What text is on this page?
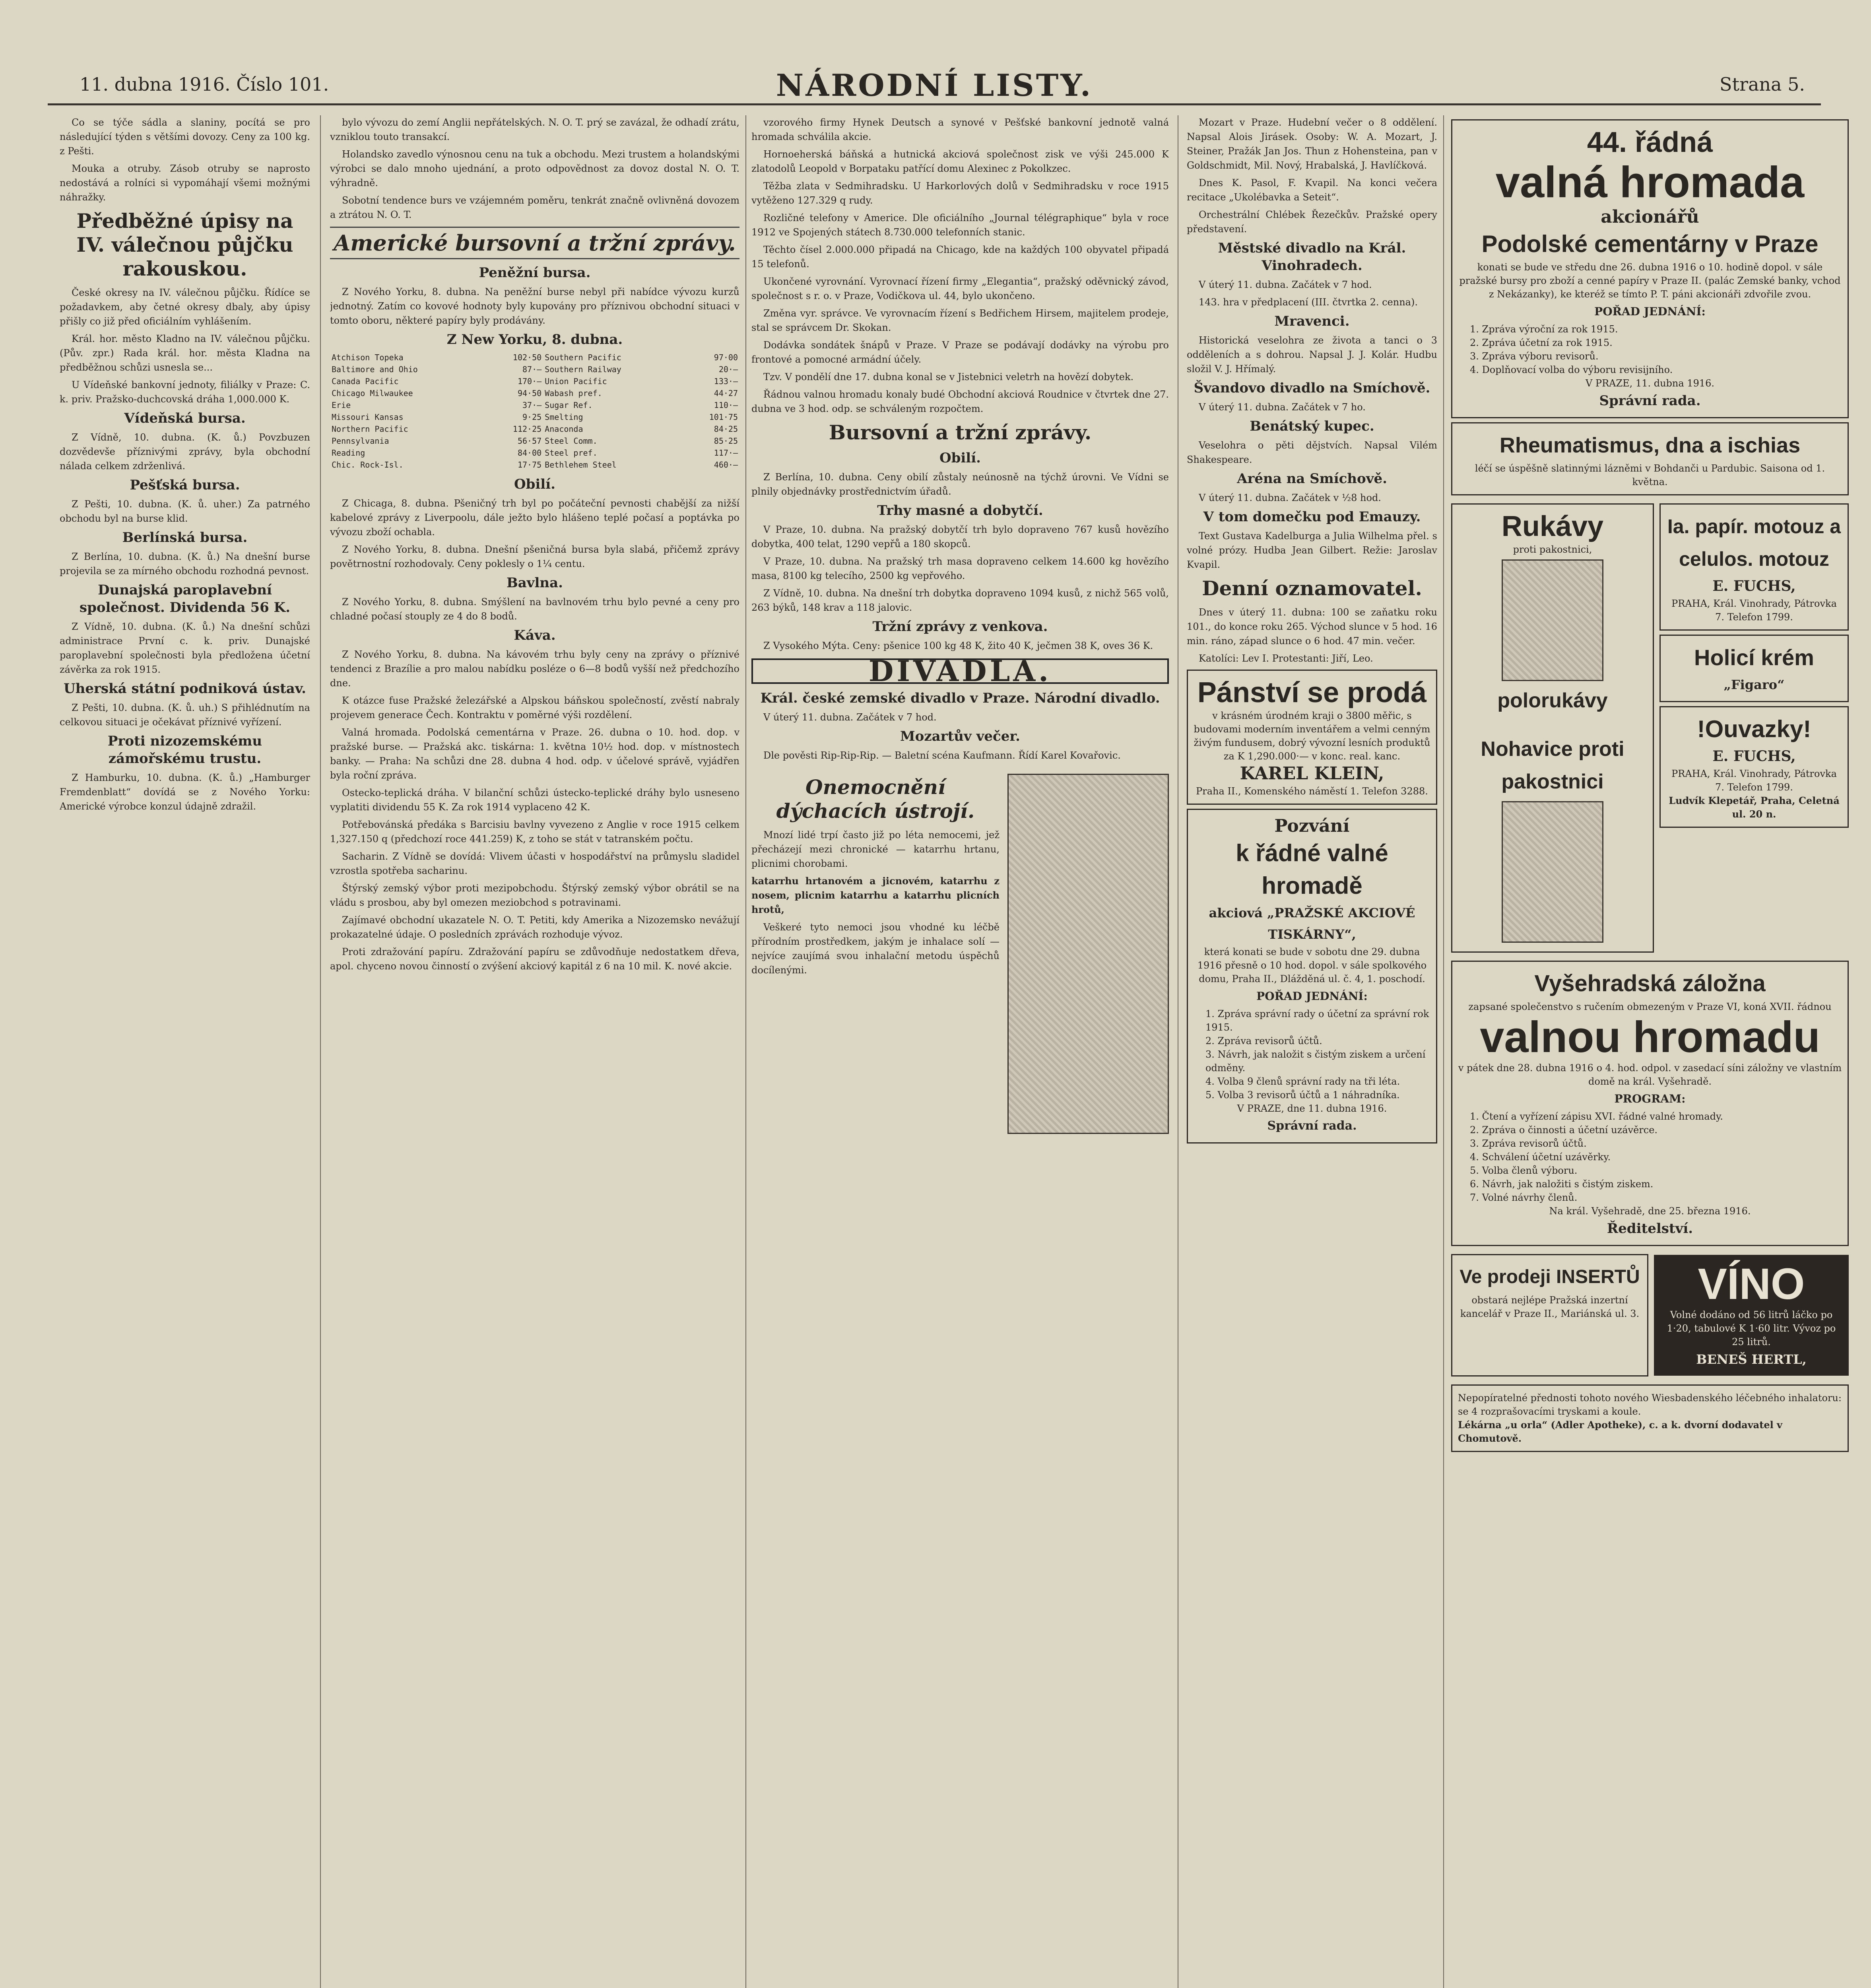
11. dubna 1916. Číslo 101.	NÁRODNÍ LISTY.	Strana 5.

Co se týče sádla a slaniny, pocítá se pro následující týden s většími dovozy. Ceny za 100 kg. z Pešti.

Mouka a otruby. Zásob otruby se naprosto nedostává a rolníci si vypomáhají všemi možnými náhražky.

Předběžné úpisy na IV. válečnou půjčku rakouskou.

České okresy na IV. válečnou půjčku. Řídíce se požadavkem, aby četné okresy dbaly, aby úpisy přišly co již před oficiálním vyhlášením.

Král. hor. město Kladno na IV. válečnou půjčku. (Pův. zpr.) Rada král. hor. města Kladna na předběžnou schůzi usnesla se...

U Vídeňské bankovní jednoty, filiálky v Praze: C. k. priv. Pražsko-duchcovská dráha 1,000.000 K.

Vídeňská bursa.

Z Vídně, 10. dubna. (K. ů.) Povzbuzen dozvědevše příznivými zprávy, byla obchodní nálada celkem zdrženlivá.

Pešťská bursa.

Z Pešti, 10. dubna. (K. ů. uher.) Za patrného obchodu byl na burse klid.

Berlínská bursa.

Z Berlína, 10. dubna. (K. ů.) Na dnešní burse projevila se za mírného obchodu rozhodná pevnost.

Dunajská paroplavební společnost. Dividenda 56 K.

Z Vídně, 10. dubna. (K. ů.) Na dnešní schůzi administrace První c. k. priv. Dunajské paroplavební společnosti byla předložena účetní závěrka za rok 1915.

Uherská státní podniková ústav.

Z Pešti, 10. dubna. (K. ů. uh.) S přihlédnutím na celkovou situaci je očekávat příznivé vyřízení.

Proti nizozemskému zámořskému trustu.

Z Hamburku, 10. dubna. (K. ů.) „Hamburger Fremdenblatt“ dovídá se z Nového Yorku: Americké výrobce konzul údajně zdražil.

bylo vývozu do zemí Anglii nepřátelských. N. O. T. prý se zavázal, že odhadí zrátu, vzniklou touto transakcí.

Holandsko zavedlo výnosnou cenu na tuk a obchodu. Mezi trustem a holandskými výrobci se dalo mnoho ujednání, a proto odpovědnost za dovoz dostal N. O. T. výhradně.

Sobotní tendence burs ve vzájemném poměru, tenkrát značně ovlivněná dovozem a ztrátou N. O. T.

Americké bursovní a tržní zprávy.
Peněžní bursa.

Z Nového Yorku, 8. dubna. Na peněžní burse nebyl při nabídce vývozu kurzů jednotný. Zatím co kovové hodnoty byly kupovány pro příznivou obchodní situaci v tomto oboru, některé papíry byly prodávány.

Z New Yorku, 8. dubna.
Atchison Topeka	102·50	Southern Pacific	97·00
Baltimore and Ohio	87·—	Southern Railway	20·—
Canada Pacific	170·—	Union Pacific	133·—
Chicago Milwaukee	94·50	Wabash pref.	44·27
Erie	37·—	Sugar Ref.	110·—
Missouri Kansas	9·25	Smelting	101·75
Northern Pacific	112·25	Anaconda	84·25
Pennsylvania	56·57	Steel Comm.	85·25
Reading	84·00	Steel pref.	117·—
Chic. Rock-Isl.	17·75	Bethlehem Steel	460·—
Obilí.

Z Chicaga, 8. dubna. Pšeničný trh byl po počáteční pevnosti chabější za nižší kabelové zprávy z Liverpoolu, dále ježto bylo hlášeno teplé počasí a poptávka po vývozu zboží ochabla.

Z Nového Yorku, 8. dubna. Dnešní pšeničná bursa byla slabá, přičemž zprávy povětrnostní rozhodovaly. Ceny poklesly o 1¼ centu.

Bavlna.

Z Nového Yorku, 8. dubna. Smýšlení na bavlnovém trhu bylo pevné a ceny pro chladné počasí stouply ze 4 do 8 bodů.

Káva.

Z Nového Yorku, 8. dubna. Na kávovém trhu byly ceny na zprávy o příznivé tendenci z Brazílie a pro malou nabídku posléze o 6—8 bodů vyšší než předchozího dne.

K otázce fuse Pražské železářské a Alpskou báňskou společností, zvěstí nabraly projevem generace Čech. Kontraktu v poměrné výši rozdělení.

Valná hromada. Podolská cementárna v Praze. 26. dubna o 10. hod. dop. v pražské burse. — Pražská akc. tiskárna: 1. května 10½ hod. dop. v místnostech banky. — Praha: Na schůzi dne 28. dubna 4 hod. odp. v účelové správě, vyjádřen byla roční zpráva.

Ostecko-teplická dráha. V bilanční schůzi ústecko-teplické dráhy bylo usneseno vyplatiti dividendu 55 K. Za rok 1914 vyplaceno 42 K.

Potřebovánská předáka s Barcisiu bavlny vyvezeno z Anglie v roce 1915 celkem 1,327.150 q (předchozí roce 441.259) K, z toho se stát v tatranském počtu.

Sacharin. Z Vídně se dovídá: Vlivem účasti v hospodářství na průmyslu sladidel vzrostla spotřeba sacharinu.

Štýrský zemský výbor proti mezipobchodu. Štýrský zemský výbor obrátil se na vládu s prosbou, aby byl omezen meziobchod s potravinami.

Zajímavé obchodní ukazatele N. O. T. Petiti, kdy Amerika a Nizozemsko nevážují prokazatelné údaje. O posledních zprávách rozhoduje vývoz.

Proti zdražování papíru. Zdražování papíru se zdůvodňuje nedostatkem dřeva, apol. chyceno novou činností o zvýšení akciový kapitál z 6 na 10 mil. K. nové akcie.

vzorového firmy Hynek Deutsch a synové v Pešťské bankovní jednotě valná hromada schválila akcie.

Hornoeherská báňská a hutnická akciová společnost zisk ve výši 245.000 K zlatodolů Leopold v Borpataku patřící domu Alexinec z Pokolkzec.

Těžba zlata v Sedmihradsku. U Harkorlových dolů v Sedmihradsku v roce 1915 vytěženo 127.329 q rudy.

Rozličné telefony v Americe. Dle oficiálního „Journal télégraphique“ byla v roce 1912 ve Spojených státech 8.730.000 telefonních stanic.

Těchto čísel 2.000.000 připadá na Chicago, kde na každých 100 obyvatel připadá 15 telefonů.

Ukončené vyrovnání. Vyrovnací řízení firmy „Elegantia“, pražský oděvnický závod, společnost s r. o. v Praze, Vodičkova ul. 44, bylo ukončeno.

Změna vyr. správce. Ve vyrovnacím řízení s Bedřichem Hirsem, majitelem prodeje, stal se správcem Dr. Skokan.

Dodávka sondátek šnápů v Praze. V Praze se podávají dodávky na výrobu pro frontové a pomocné armádní účely.

Tzv. V pondělí dne 17. dubna konal se v Jistebnici veletrh na hovězí dobytek.

Řádnou valnou hromadu konaly budé Obchodní akciová Roudnice v čtvrtek dne 27. dubna ve 3 hod. odp. se schváleným rozpočtem.

Bursovní a tržní zprávy.
Obilí.

Z Berlína, 10. dubna. Ceny obilí zůstaly neúnosně na týchž úrovni. Ve Vídni se plnily objednávky prostřednictvím úřadů.

Trhy masné a dobytčí.

V Praze, 10. dubna. Na pražský dobytčí trh bylo dopraveno 767 kusů hovězího dobytka, 400 telat, 1290 vepřů a 180 skopců.

V Praze, 10. dubna. Na pražský trh masa dopraveno celkem 14.600 kg hovězího masa, 8100 kg telecího, 2500 kg vepřového.

Z Vídně, 10. dubna. Na dnešní trh dobytka dopraveno 1094 kusů, z nichž 565 volů, 263 býků, 148 krav a 118 jalovic.

Tržní zprávy z venkova.

Z Vysokého Mýta. Ceny: pšenice 100 kg 48 K, žito 40 K, ječmen 38 K, oves 36 K.

DIVADLA.
Král. české zemské divadlo v Praze. Národní divadlo.

V úterý 11. dubna. Začátek v 7 hod.

Mozartův večer.

Dle pověsti Rip-Rip-Rip. — Baletní scéna Kaufmann. Řídí Karel Kovařovic.

Onemocnění dýchacích ústrojí.

Mnozí lidé trpí často již po léta nemocemi, jež přecházejí mezi chronické — katarrhu hrtanu, plicnimi chorobami.

katarrhu hrtanovém a jicnovém, katarrhu z nosem, plicnim katarrhu a katarrhu plicních hrotů,

Veškeré tyto nemoci jsou vhodné ku léčbě přírodním prostředkem, jakým je inhalace solí — nejvíce zaujímá svou inhalační metodu úspěchů docílenými.

Mozart v Praze. Hudební večer o 8 oddělení. Napsal Alois Jirásek. Osoby: W. A. Mozart, J. Steiner, Pražák Jan Jos. Thun z Hohensteina, pan v Goldschmidt, Mil. Nový, Hrabalská, J. Havlíčková.

Dnes K. Pasol, F. Kvapil. Na konci večera recitace „Ukolébavka a Seteit“.

Orchestrální Chlébek Řezečkův. Pražské opery představení.

Městské divadlo na Král. Vinohradech.

V úterý 11. dubna. Začátek v 7 hod.

143. hra v předplacení (III. čtvrtka 2. cenna).

Mravenci.

Historická veselohra ze života a tanci o 3 odděleních a s dohrou. Napsal J. J. Kolár. Hudbu složil V. J. Hřímalý.

Švandovo divadlo na Smíchově.

V úterý 11. dubna. Začátek v 7 ho.

Benátský kupec.

Veselohra o pěti dějstvích. Napsal Vilém Shakespeare.

Aréna na Smíchově.

V úterý 11. dubna. Začátek v ½8 hod.

V tom domečku pod Emauzy.

Text Gustava Kadelburga a Julia Wilhelma přel. s volné prózy. Hudba Jean Gilbert. Režie: Jaroslav Kvapil.

Denní oznamovatel.

Dnes v úterý 11. dubna: 100 se zaňatku roku 101., do konce roku 265. Východ slunce v 5 hod. 16 min. ráno, západ slunce o 6 hod. 47 min. večer.

Katolíci: Lev I. Protestanti: Jiří, Leo.

Pánství se prodá
v krásném úrodném kraji o 3800 měřic, s budovami moderním inventářem a velmi cenným živým fundusem, dobrý vývozní lesních produktů za K 1,290.000·— v konc. real. kanc.
KAREL KLEIN,
Praha II., Komenského náměstí 1. Telefon 3288.
Pozvání
k řádné valné hromadě
akciová „PRAŽSKÉ AKCIOVÉ TISKÁRNY“,
která konati se bude v sobotu dne 29. dubna 1916 přesně o 10 hod. dopol. v sále spolkového domu, Praha II., Dlážděná ul. č. 4, 1. poschodí.
POŘAD JEDNÁNÍ:
1. Zpráva správní rady o účetní za správní rok 1915.
2. Zpráva revisorů účtů.
3. Návrh, jak naložit s čistým ziskem a určení odměny.
4. Volba 9 členů správní rady na tři léta.
5. Volba 3 revisorů účtů a 1 náhradníka.
V PRAZE, dne 11. dubna 1916.
Správní rada.
44. řádná
valná hromada
akcionářů
Podolské cementárny v Praze
konati se bude ve středu dne 26. dubna 1916 o 10. hodině dopol. v sále pražské bursy pro zboží a cenné papíry v Praze II. (palác Zemské banky, vchod z Nekázanky), ke kteréž se tímto P. T. páni akcionáři zdvořile zvou.
POŘAD JEDNÁNÍ:
1. Zpráva výroční za rok 1915.
2. Zpráva účetní za rok 1915.
3. Zpráva výboru revisorů.
4. Doplňovací volba do výboru revisijního.
V PRAZE, 11. dubna 1916.
Správní rada.
Rheumatismus, dna a ischias
léčí se úspěšně slatinnými lázněmi v Bohdanči u Pardubic. Saisona od 1. května.
Rukávy
proti pakostnici,
polorukávy
Nohavice proti pakostnici
Ia. papír. motouz a celulos. motouz
E. FUCHS,
PRAHA, Král. Vinohrady, Pátrovka 7. Telefon 1799.
Holicí krém
„Figaro“
!Ouvazky!
E. FUCHS,
PRAHA, Král. Vinohrady, Pátrovka 7. Telefon 1799.
Ludvík Klepetář, Praha, Celetná ul. 20 n.
Vyšehradská záložna
zapsané společenstvo s ručením obmezeným v Praze VI, koná XVII. řádnou
valnou hromadu
v pátek dne 28. dubna 1916 o 4. hod. odpol. v zasedací síni záložny ve vlastním domě na král. Vyšehradě.
PROGRAM:
1. Čtení a vyřízení zápisu XVI. řádné valné hromady.
2. Zpráva o činnosti a účetní uzávěrce.
3. Zpráva revisorů účtů.
4. Schválení účetní uzávěrky.
5. Volba členů výboru.
6. Návrh, jak naložiti s čistým ziskem.
7. Volné návrhy členů.
Na král. Vyšehradě, dne 25. března 1916.
Ředitelství.
Ve prodeji INSERTŮ
obstará nejlépe Pražská inzertní kancelář v Praze II., Mariánská ul. 3.
VÍNO
Volné dodáno od 56 litrů láčko po 1·20, tabulové K 1·60 litr. Vývoz po 25 litrů.
BENEŠ HERTL,
Nepopíratelné přednosti tohoto nového Wiesbadenského léčebného inhalatoru: se 4 rozprašovacími tryskami a koule.
Lékárna „u orla“ (Adler Apotheke), c. a k. dvorní dodavatel v Chomutově.
